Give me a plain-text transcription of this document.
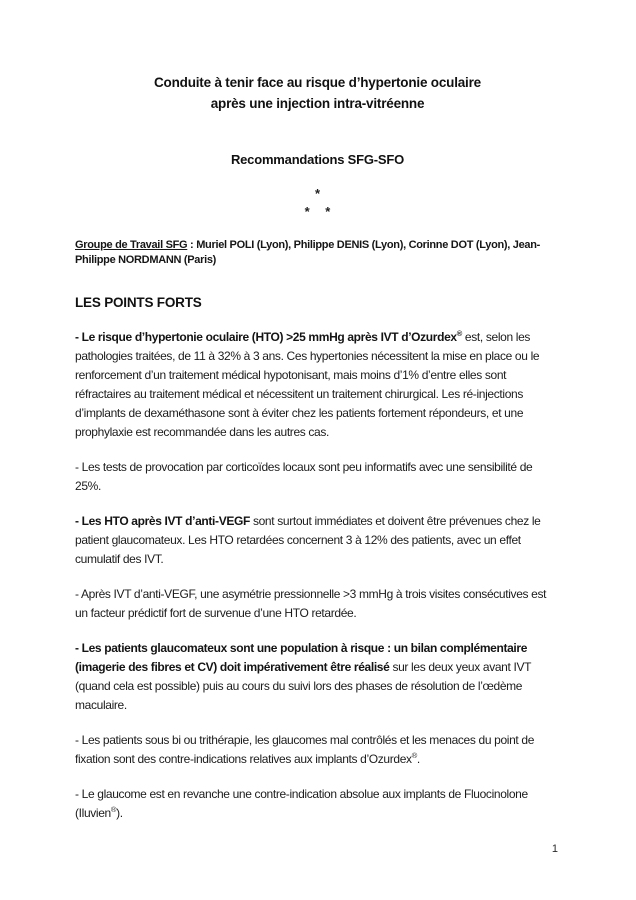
Conduite à tenir face au risque d’hypertonie oculaire
après une injection intra-vitréenne
Recommandations SFG-SFO
*
* *

Groupe de Travail SFG : Muriel POLI (Lyon), Philippe DENIS (Lyon), Corinne DOT (Lyon), Jean-Philippe NORDMANN (Paris)

LES POINTS FORTS

- Le risque d’hypertonie oculaire (HTO) >25 mmHg après IVT d’Ozurdex® est, selon les pathologies traitées, de 11 à 32% à 3 ans. Ces hypertonies nécessitent la mise en place ou le renforcement d’un traitement médical hypotonisant, mais moins d’1% d’entre elles sont réfractaires au traitement médical et nécessitent un traitement chirurgical. Les ré-injections d’implants de dexaméthasone sont à éviter chez les patients fortement répondeurs, et une prophylaxie est recommandée dans les autres cas.

- Les tests de provocation par corticoïdes locaux sont peu informatifs avec une sensibilité de 25%.

- Les HTO après IVT d’anti-VEGF sont surtout immédiates et doivent être prévenues chez le patient glaucomateux. Les HTO retardées concernent 3 à 12% des patients, avec un effet cumulatif des IVT.

- Après IVT d’anti-VEGF, une asymétrie pressionnelle >3 mmHg à trois visites consécutives est un facteur prédictif fort de survenue d’une HTO retardée.

- Les patients glaucomateux sont une population à risque : un bilan complémentaire (imagerie des fibres et CV) doit impérativement être réalisé sur les deux yeux avant IVT (quand cela est possible) puis au cours du suivi lors des phases de résolution de l’œdème maculaire.

- Les patients sous bi ou trithérapie, les glaucomes mal contrôlés et les menaces du point de fixation sont des contre-indications relatives aux implants d’Ozurdex®.

- Le glaucome est en revanche une contre-indication absolue aux implants de Fluocinolone (Iluvien®).

1
